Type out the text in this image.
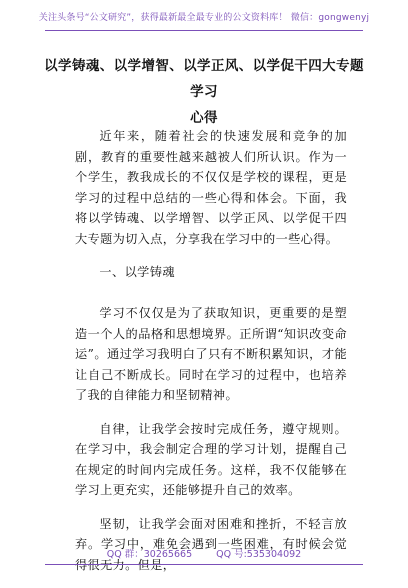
关注头条号“公文研究”，获得最新最全最专业的公文资料库！ 微信：gongwenyj
以学铸魂、以学增智、以学正风、以学促干四大专题学习
心得

近年来，随着社会的快速发展和竞争的加剧，教育的重要性越来越被人们所认识。作为一个学生，教我成长的不仅仅是学校的课程，更是学习的过程中总结的一些心得和体会。下面，我将以学铸魂、以学增智、以学正风、以学促干四大专题为切入点，分享我在学习中的一些心得。

一、以学铸魂

学习不仅仅是为了获取知识，更重要的是塑造一个人的品格和思想境界。正所谓“知识改变命运”。通过学习我明白了只有不断积累知识，才能让自己不断成长。同时在学习的过程中，也培养了我的自律能力和坚韧精神。

自律，让我学会按时完成任务，遵守规则。在学习中，我会制定合理的学习计划，提醒自己在规定的时间内完成任务。这样，我不仅能够在学习上更充实，还能够提升自己的效率。

坚韧，让我学会面对困难和挫折，不轻言放弃。学习中，难免会遇到一些困难，有时候会觉得很无力。但是，

QQ 群：30265665	QQ 号:535304092
